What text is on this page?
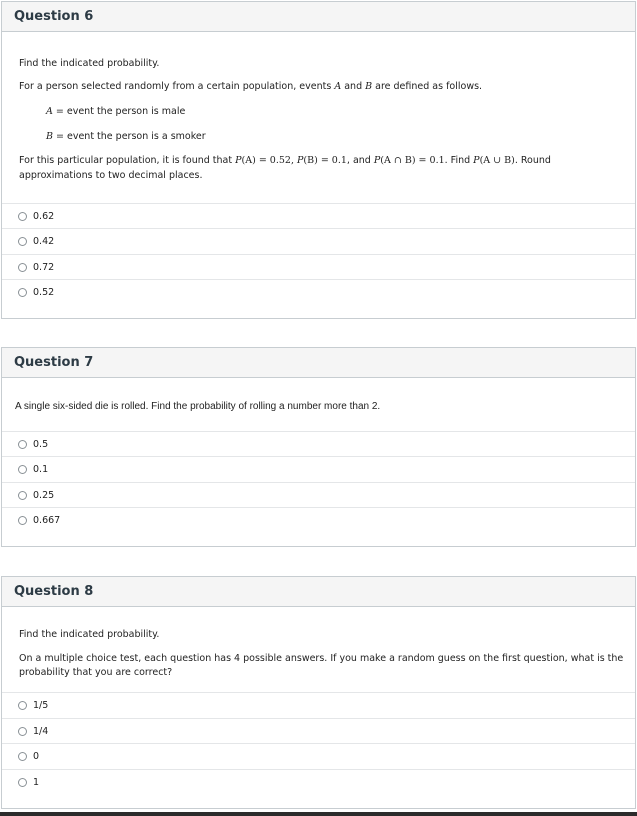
Question 6
Find the indicated probability.
For a person selected randomly from a certain population, events A and B are defined as follows.
A = event the person is male
B = event the person is a smoker
For this particular population, it is found that P(A) = 0.52, P(B) = 0.1, and P(A ∩ B) = 0.1. Find P(A ∪ B). Round
approximations to two decimal places.
0.62
0.42
0.72
0.52
Question 7
A single six-sided die is rolled. Find the probability of rolling a number more than 2.
0.5
0.1
0.25
0.667
Question 8
Find the indicated probability.
On a multiple choice test, each question has 4 possible answers. If you make a random guess on the first question, what is the
probability that you are correct?
1/5
1/4
0
1
